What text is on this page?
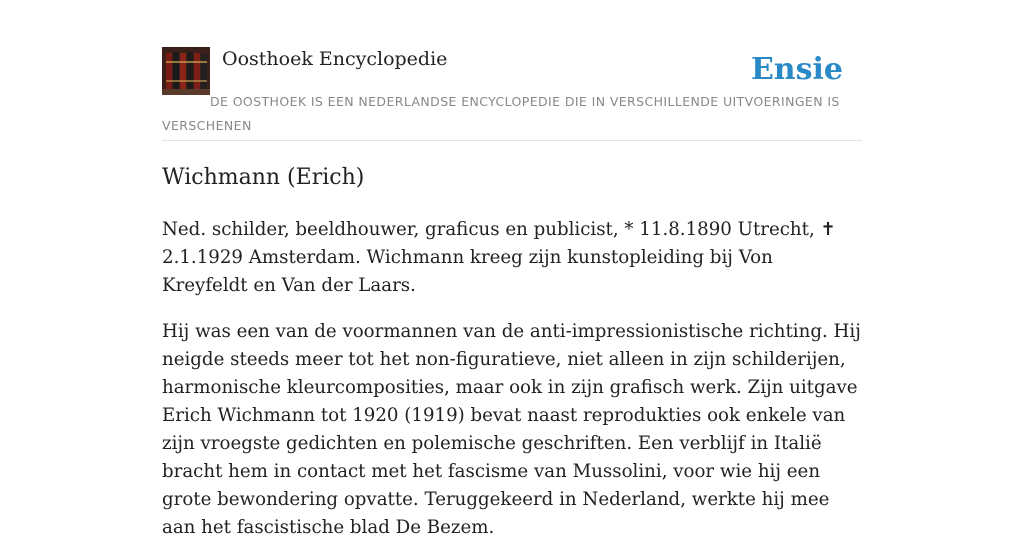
Oosthoek Encyclopedie	Ensie

DE OOSTHOEK IS EEN NEDERLANDSE ENCYCLOPEDIE DIE IN VERSCHILLENDE UITVOERINGEN IS VERSCHENEN

Wichmann (Erich)

Ned. schilder, beeldhouwer, graficus en publicist, * 11.8.1890 Utrecht, ✝ 2.1.1929 Amsterdam. Wichmann kreeg zijn kunstopleiding bij Von Kreyfeldt en Van der Laars.

Hij was een van de voormannen van de anti-impressionistische richting. Hij neigde steeds meer tot het non-figuratieve, niet alleen in zijn schilderijen, harmonische kleurcomposities, maar ook in zijn grafisch werk. Zijn uitgave Erich Wichmann tot 1920 (1919) bevat naast reprodukties ook enkele van zijn vroegste gedichten en polemische geschriften. Een verblijf in Italië bracht hem in contact met het fascisme van Mussolini, voor wie hij een grote bewondering opvatte. Teruggekeerd in Nederland, werkte hij mee aan het fascistische blad De Bezem.
